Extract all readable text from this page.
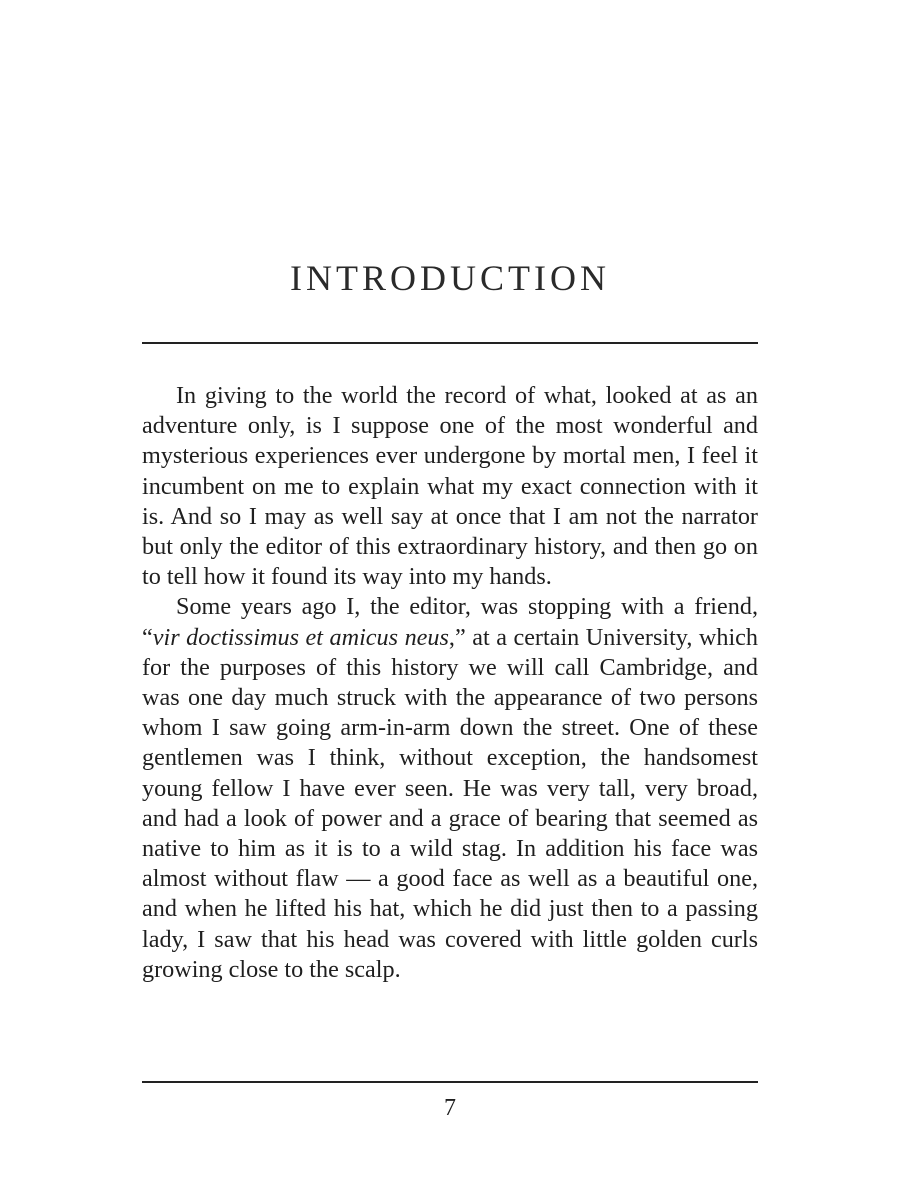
INTRODUCTION

In giving to the world the record of what, looked at as an adventure only, is I suppose one of the most wonderful and mysterious experiences ever undergone by mortal men, I feel it incumbent on me to explain what my exact connection with it is. And so I may as well say at once that I am not the narrator but only the editor of this extraordinary history, and then go on to tell how it found its way into my hands.

Some years ago I, the editor, was stopping with a friend, “vir doctissimus et amicus neus,” at a certain University, which for the purposes of this history we will call Cambridge, and was one day much struck with the appearance of two persons whom I saw going arm-in-arm down the street. One of these gentlemen was I think, without exception, the handsomest young fellow I have ever seen. He was very tall, very broad, and had a look of power and a grace of bearing that seemed as native to him as it is to a wild stag. In addition his face was almost without flaw — a good face as well as a beautiful one, and when he lifted his hat, which he did just then to a passing lady, I saw that his head was covered with little golden curls growing close to the scalp.

7
